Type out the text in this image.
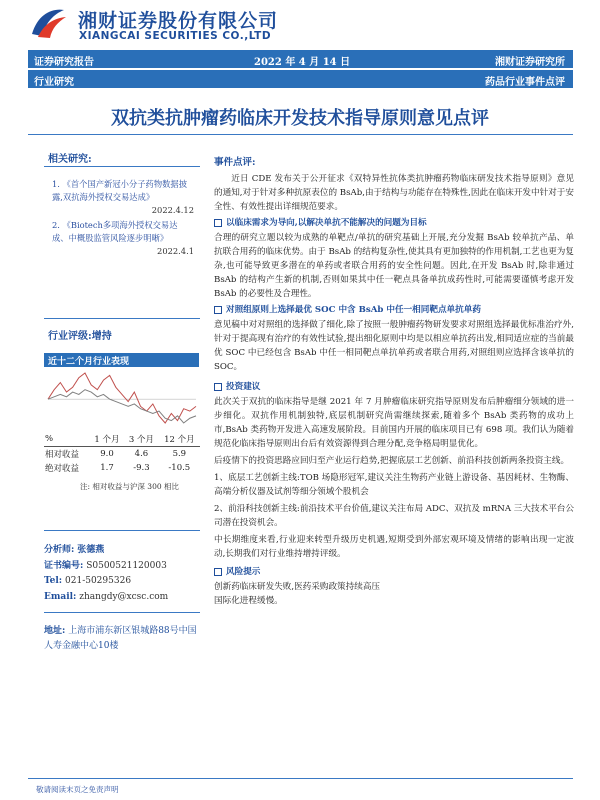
湘财证券股份有限公司
XIANGCAI SECURITIES CO.,LTD
证券研究报告	2022 年 4 月 14 日	湘财证券研究所
行业研究	药品行业事件点评
双抗类抗肿瘤药临床开发技术指导原则意见点评
相关研究:
1. 《首个国产新冠小分子药物数据披露,双抗海外授权交易达成》
2022.4.12
2. 《Biotech多项海外授权交易达成、中概股监管风险逐步明晰》
2022.4.1
行业评级:增持
近十二个月行业表现
%	1 个月	3 个月	12 个月
相对收益	9.0	4.6	5.9
绝对收益	1.7	-9.3	-10.5
注: 相对收益与沪深 300 相比
分析师: 张德燕
证书编号: S0500521120003
Tel: 021-50295326
Email: zhangdy@xcsc.com
地址: 上海市浦东新区银城路88号中国人寿金融中心10楼
事件点评:

近日 CDE 发布关于公开征求《双特异性抗体类抗肿瘤药物临床研发技术指导原则》意见的通知,对于针对多种抗原表位的 BsAb,由于结构与功能存在特殊性,因此在临床开发中针对于安全性、有效性提出详细规范要求。

以临床需求为导向,以解决单抗不能解决的问题为目标

合理的研究立题以较为成熟的单靶点/单抗的研究基础上开展,充分发掘 BsAb 较单抗产品、单抗联合用药的临床优势。由于 BsAb 的结构复杂性,使其具有更加独特的作用机制,工艺也更为复杂,也可能导致更多潜在的单药或者联合用药的安全性问题。因此,在开发 BsAb 时,除非通过 BsAb 的结构产生新的机制,否则如果其中任一靶点具备单抗成药性时,可能需要谨慎考虑开发 BsAb 的必要性及合理性。

对照组原则上选择最优 SOC 中含 BsAb 中任一相同靶点单抗单药

意见稿中对对照组的选择做了细化,除了按照一般肿瘤药物研发要求对照组选择最优标准治疗外,针对于提高现有治疗的有效性试验,提出细化原则中均是以相应单抗药出发,相同适应症的当前最优 SOC 中已经包含 BsAb 中任一相同靶点单抗单药或者联合用药,对照组则应选择含该单抗的 SOC。

投资建议

此次关于双抗的临床指导是继 2021 年 7 月肿瘤临床研究指导原则发布后肿瘤细分领域的进一步细化。双抗作用机制独特,底层机制研究尚需继续探索,随着多个 BsAb 类药物的成功上市,BsAb 类药物开发进入高速发展阶段。目前国内开展的临床项目已有 698 项。我们认为随着规范化临床指导原则出台后有效资源得到合理分配,竞争格局明显优化。

后疫情下的投资思路应回归至产业运行趋势,把握底层工艺创新、前沿科技创新两条投资主线。

1、底层工艺创新主线:TOB 场隐形冠军,建议关注生物药产业链上游设备、基因耗材、生物酶、高端分析仪器及试剂等细分领域个股机会

2、前沿科技创新主线:前沿技术平台价值,建议关注布局 ADC、双抗及 mRNA 三大技术平台公司潜在投资机会。

中长期维度来看,行业迎来转型升级历史机遇,短期受到外部宏观环境及情绪的影响出现一定波动,长期我们对行业维持增持评级。

风险提示

创新药临床研发失败,医药采购政策持续高压

国际化进程缓慢。

敬请阅读末页之免责声明
